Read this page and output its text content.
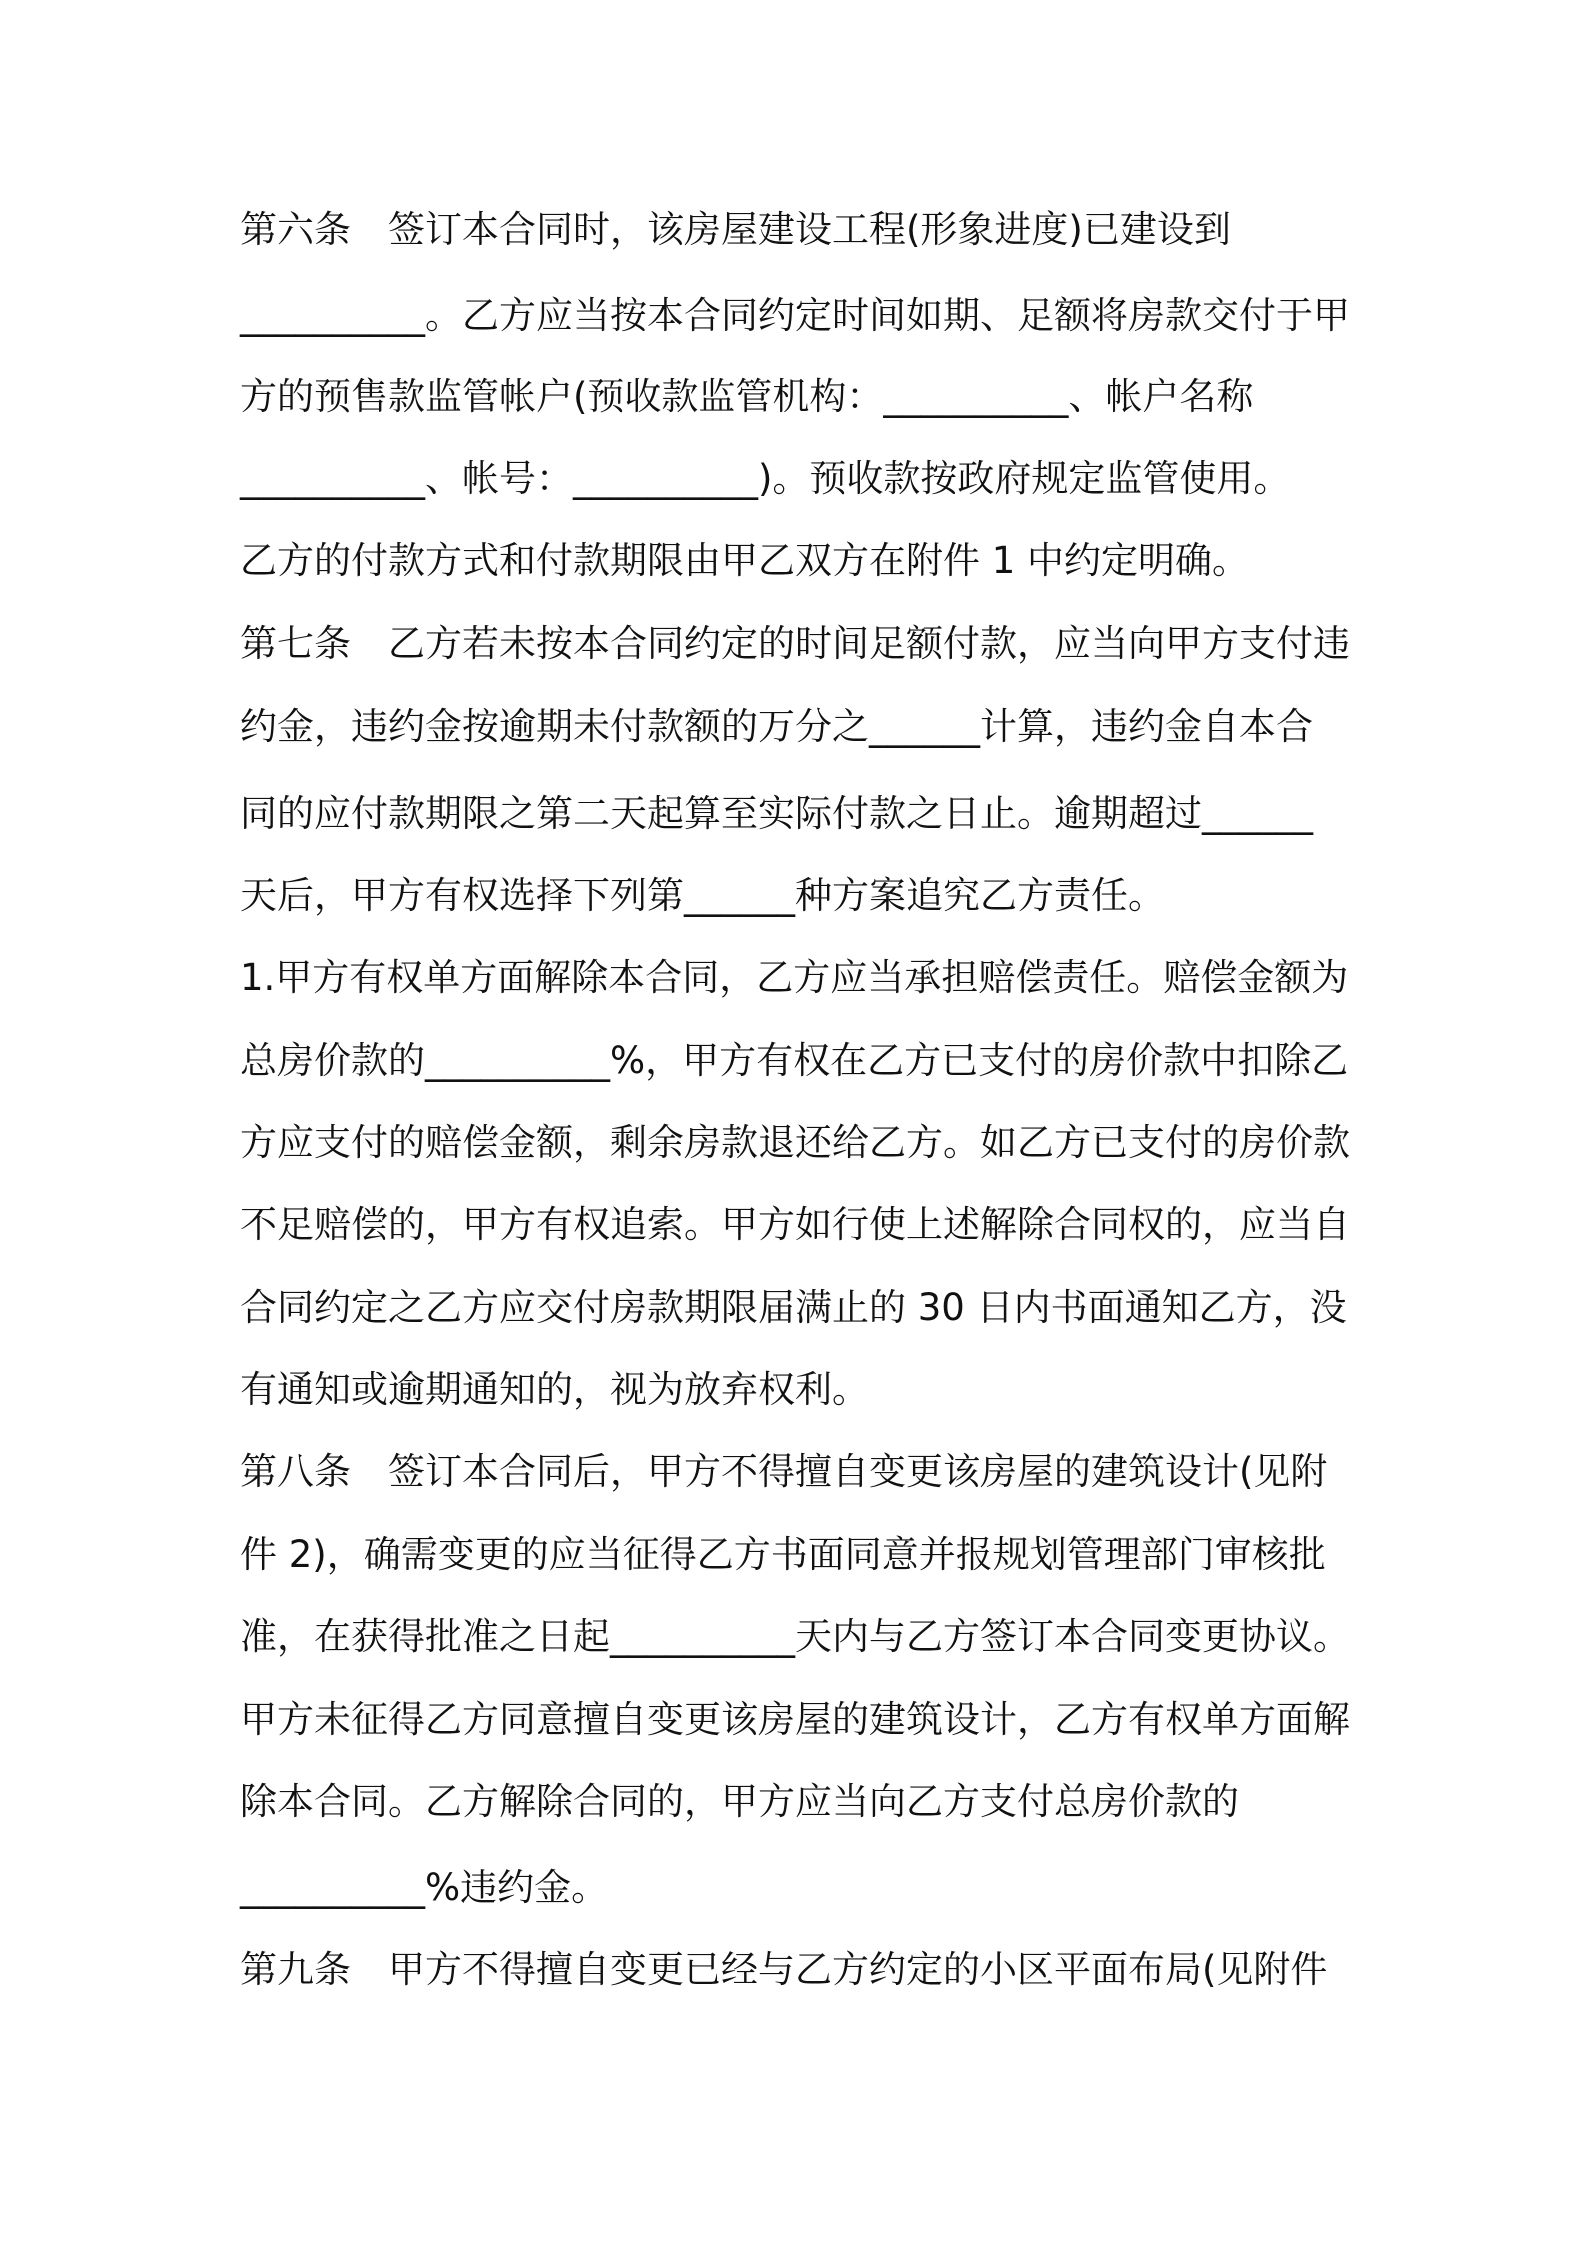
第六条　签订本合同时，该房屋建设工程(形象进度)已建设到
__________。乙方应当按本合同约定时间如期、足额将房款交付于甲
方的预售款监管帐户(预收款监管机构：__________、帐户名称
__________、帐号：__________)。预收款按政府规定监管使用。
乙方的付款方式和付款期限由甲乙双方在附件 1 中约定明确。
第七条　乙方若未按本合同约定的时间足额付款，应当向甲方支付违
约金，违约金按逾期未付款额的万分之______计算，违约金自本合
同的应付款期限之第二天起算至实际付款之日止。逾期超过______
天后，甲方有权选择下列第______种方案追究乙方责任。
1.甲方有权单方面解除本合同，乙方应当承担赔偿责任。赔偿金额为
总房价款的__________%，甲方有权在乙方已支付的房价款中扣除乙
方应支付的赔偿金额，剩余房款退还给乙方。如乙方已支付的房价款
不足赔偿的，甲方有权追索。甲方如行使上述解除合同权的，应当自
合同约定之乙方应交付房款期限届满止的 30 日内书面通知乙方，没
有通知或逾期通知的，视为放弃权利。
第八条　签订本合同后，甲方不得擅自变更该房屋的建筑设计(见附
件 2)，确需变更的应当征得乙方书面同意并报规划管理部门审核批
准，在获得批准之日起__________天内与乙方签订本合同变更协议。
甲方未征得乙方同意擅自变更该房屋的建筑设计，乙方有权单方面解
除本合同。乙方解除合同的，甲方应当向乙方支付总房价款的
__________%违约金。
第九条　甲方不得擅自变更已经与乙方约定的小区平面布局(见附件
